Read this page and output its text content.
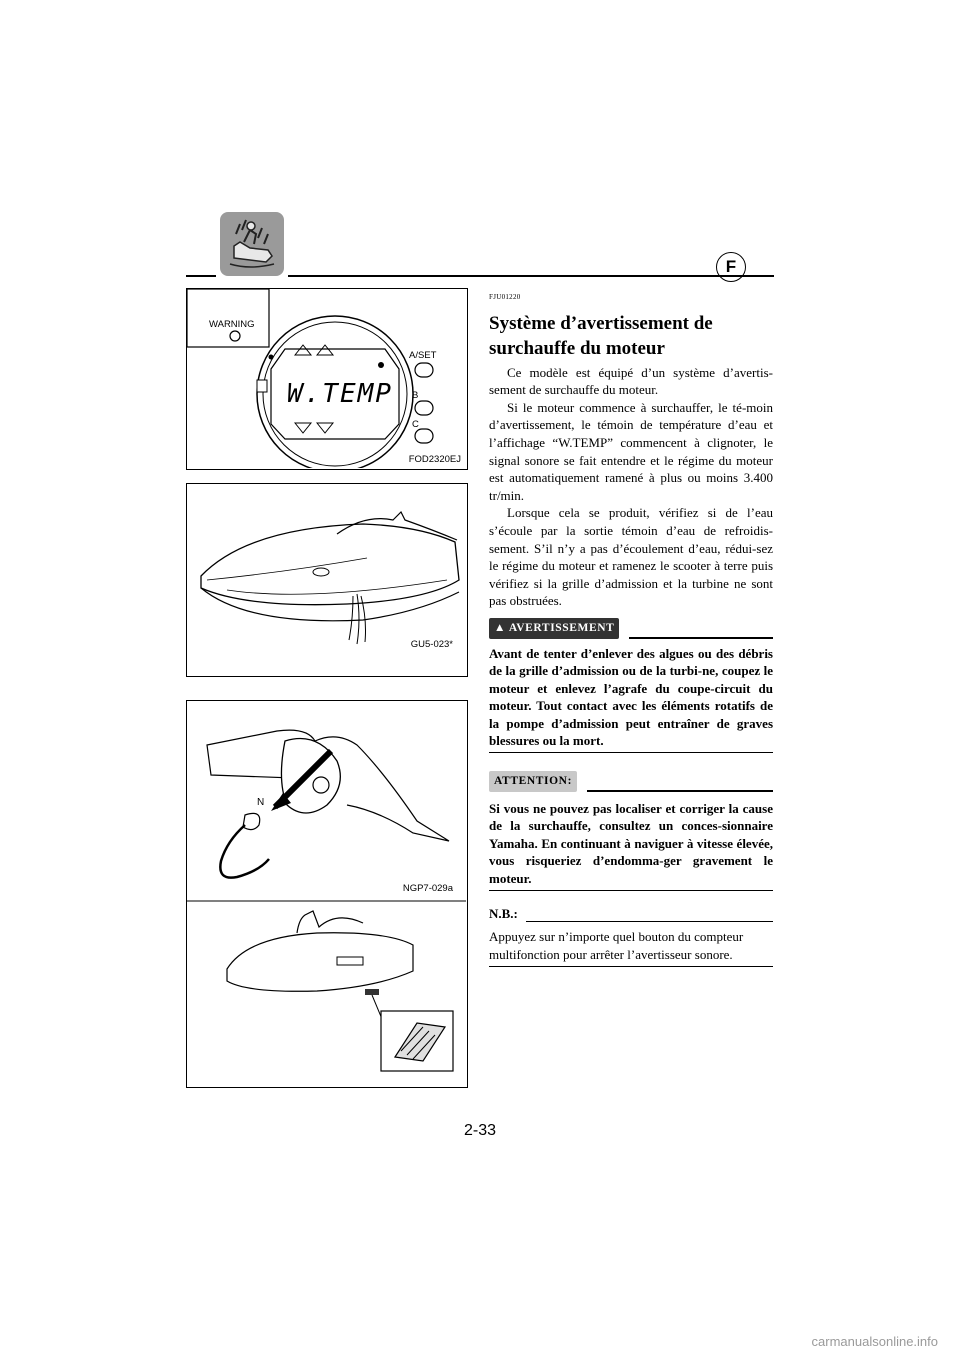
F
WARNING
W.TEMP
A/SET
B
C
FOD2320EJ
GU5-023*
N
NGP7-029a
FJU01220
Système d’avertissement de surchauffe du moteur

Ce modèle est équipé d’un système d’avertis-sement de surchauffe du moteur.

Si le moteur commence à surchauffer, le té-moin d’avertissement, le témoin de température d’eau et l’affichage “W.TEMP” commencent à clignoter, le signal sonore se fait entendre et le régime du moteur est automatiquement ramené à plus ou moins 3.400 tr/min.

Lorsque cela se produit, vérifiez si de l’eau s’écoule par la sortie témoin d’eau de refroidis-sement. S’il n’y a pas d’écoulement d’eau, rédui-sez le régime du moteur et ramenez le scooter à terre puis vérifiez si la grille d’admission et la turbine ne sont pas obstruées.

▲ AVERTISSEMENT
Avant de tenter d’enlever des algues ou des débris de la grille d’admission ou de la turbi-ne, coupez le moteur et enlevez l’agrafe du coupe-circuit du moteur. Tout contact avec les éléments rotatifs de la pompe d’admission peut entraîner de graves blessures ou la mort.
ATTENTION:
Si vous ne pouvez pas localiser et corriger la cause de la surchauffe, consultez un conces-sionnaire Yamaha. En continuant à naviguer à vitesse élevée, vous risqueriez d’endomma-ger gravement le moteur.
N.B.:
Appuyez sur n’importe quel bouton du compteur multifonction pour arrêter l’avertisseur sonore.
2-33
carmanualsonline.info
